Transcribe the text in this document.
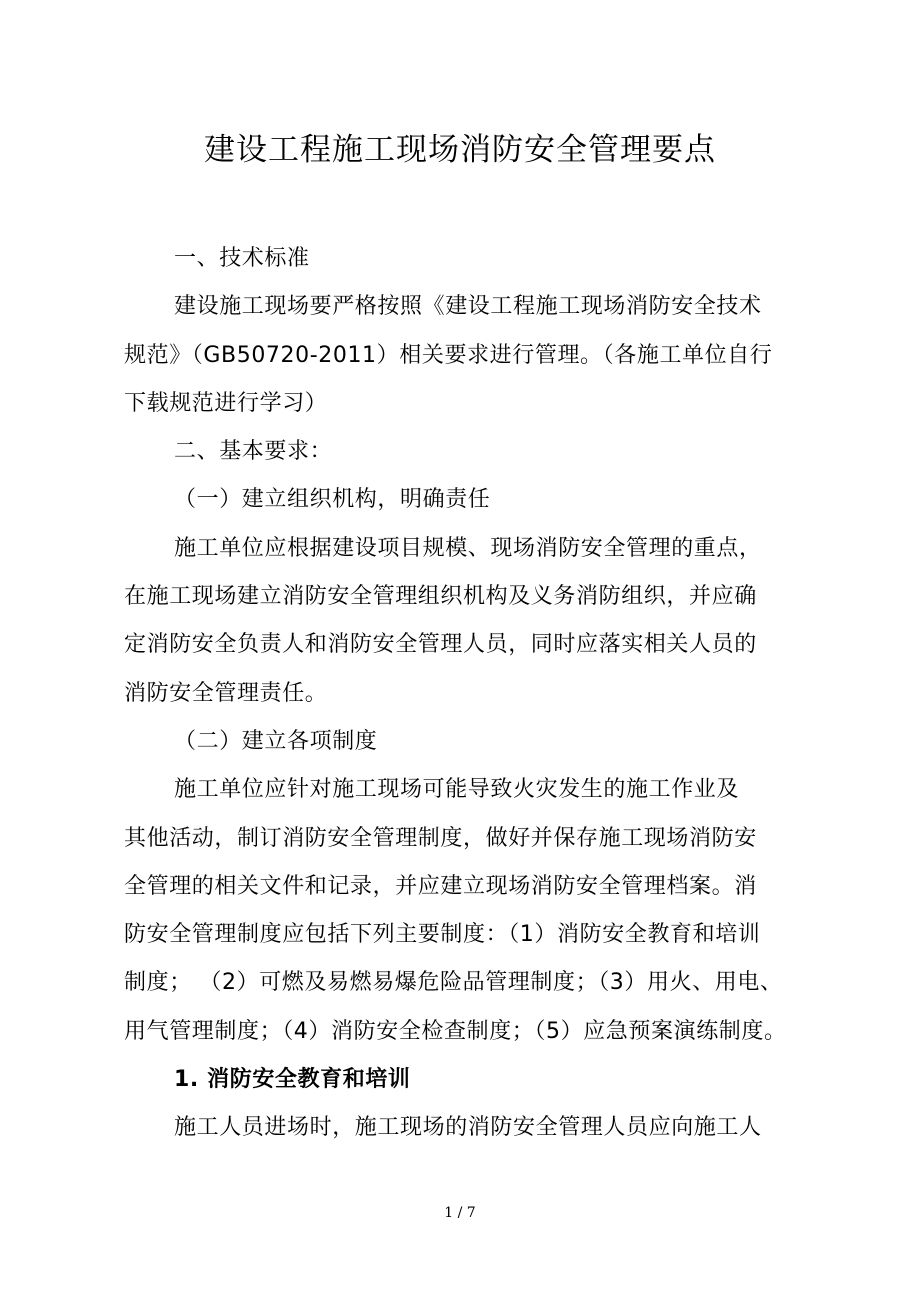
建设工程施工现场消防安全管理要点
一、技术标准
建设施工现场要严格按照《建设工程施工现场消防安全技术
规范》（GB50720-2011）相关要求进行管理。（各施工单位自行
下载规范进行学习）
二、基本要求：
（一）建立组织机构，明确责任
施工单位应根据建设项目规模、现场消防安全管理的重点，
在施工现场建立消防安全管理组织机构及义务消防组织，并应确
定消防安全负责人和消防安全管理人员，同时应落实相关人员的
消防安全管理责任。
（二）建立各项制度
施工单位应针对施工现场可能导致火灾发生的施工作业及
其他活动，制订消防安全管理制度，做好并保存施工现场消防安
全管理的相关文件和记录，并应建立现场消防安全管理档案。消
防安全管理制度应包括下列主要制度：（1）消防安全教育和培训
制度； （2）可燃及易燃易爆危险品管理制度；（3）用火、用电、
用气管理制度；（4）消防安全检查制度；（5）应急预案演练制度。
1. 消防安全教育和培训
施工人员进场时，施工现场的消防安全管理人员应向施工人
1 / 7
